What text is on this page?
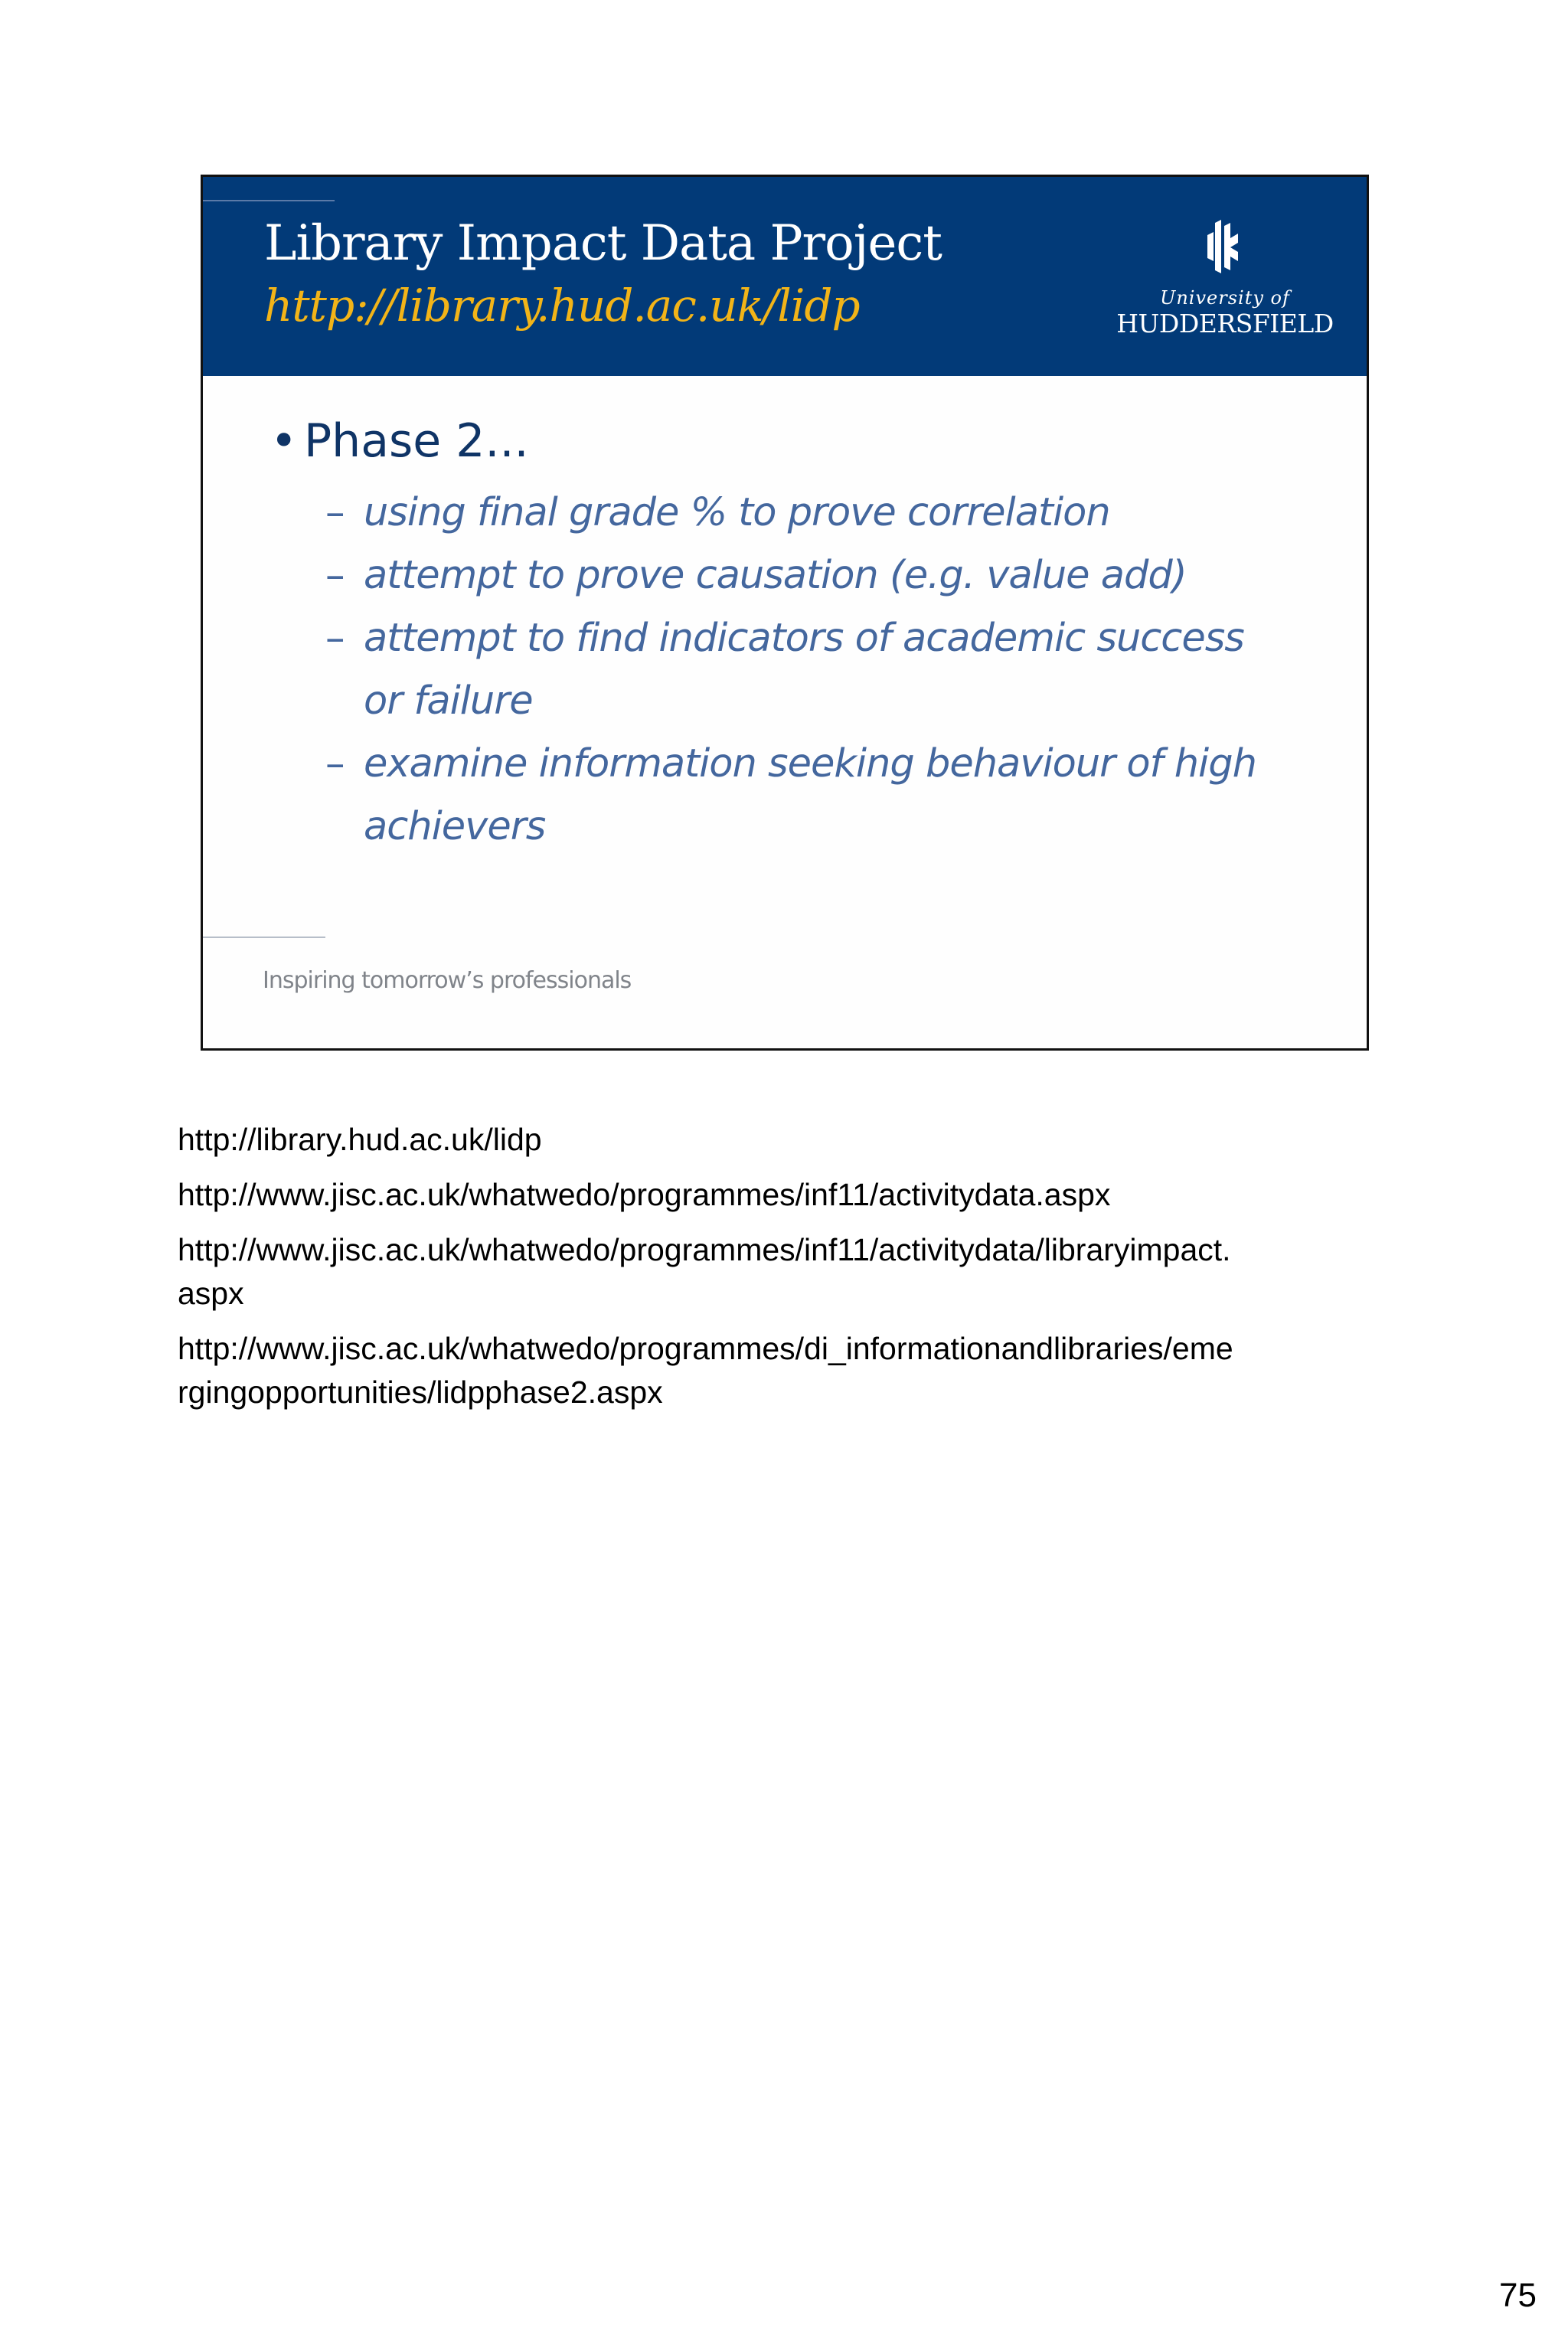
Library Impact Data Project
http://library.hud.ac.uk/lidp	University of
HUDDERSFIELD
• Phase 2...
– using final grade % to prove correlation
– attempt to prove causation (e.g. value add)
– attempt to find indicators of academic success or failure
– examine information seeking behaviour of high achievers
Inspiring tomorrow’s professionals
http://library.hud.ac.uk/lidp
http://www.jisc.ac.uk/whatwedo/programmes/inf11/activitydata.aspx
http://www.jisc.ac.uk/whatwedo/programmes/inf11/activitydata/libraryimpact.
aspx
http://www.jisc.ac.uk/whatwedo/programmes/di_informationandlibraries/eme
rgingopportunities/lidpphase2.aspx
75
